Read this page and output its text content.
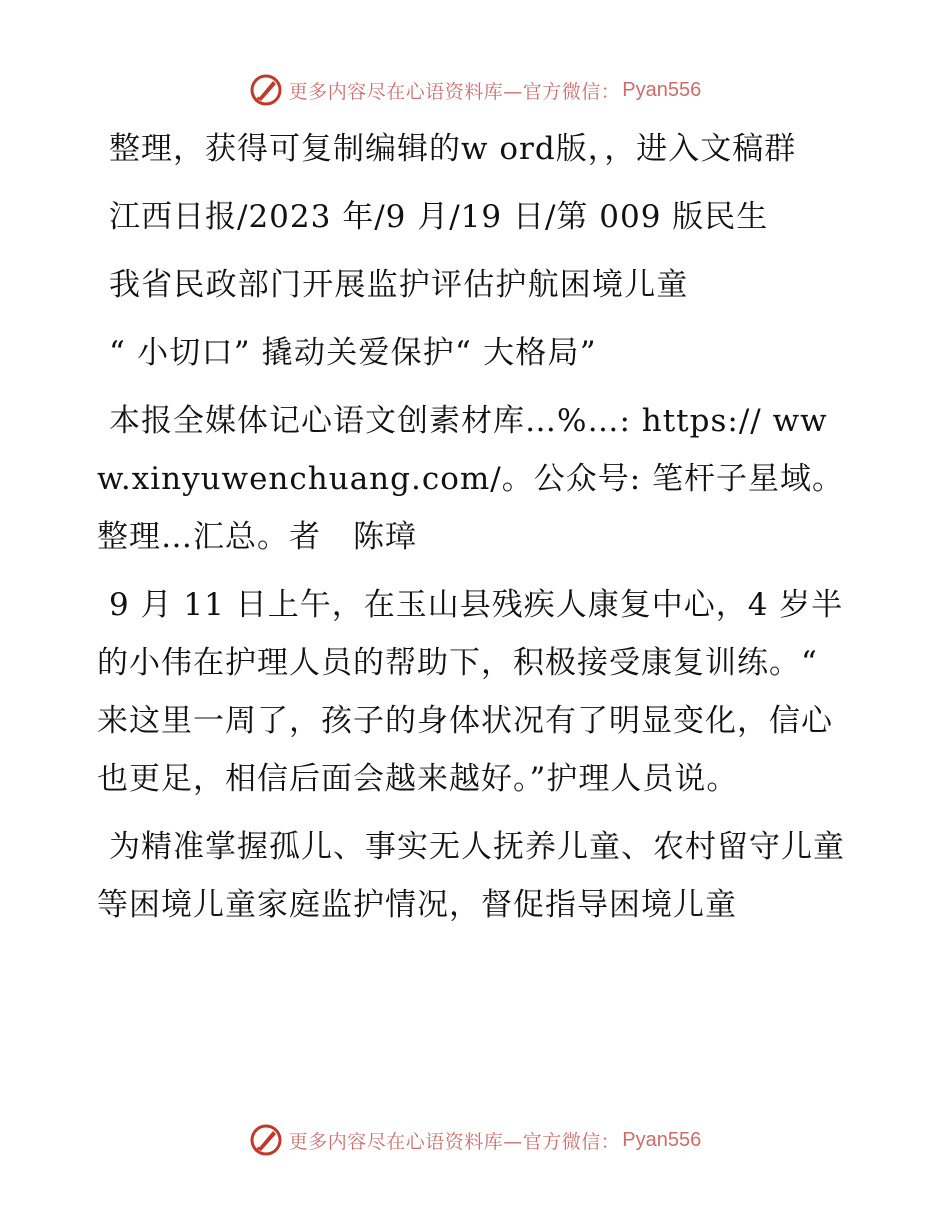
更多内容尽在心语资料库—官方微信： Pyan556

整理，获得可复制编辑的w ord版，，进入文稿群

江西日报/2023 年/9 月/19 日/第 009 版民生

我省民政部门开展监护评估护航困境儿童

“ 小切口” 撬动关爱保护“ 大格局”

本报全媒体记心语文创素材库…%…: https:// www.xinyuwenchuang.com/。公众号: 笔杆子星域。整理…汇总。者　陈璋

9 月 11 日上午，在玉山县残疾人康复中心，4 岁半的小伟在护理人员的帮助下，积极接受康复训练。“ 来这里一周了，孩子的身体状况有了明显变化，信心也更足，相信后面会越来越好。”护理人员说。

为精准掌握孤儿、事实无人抚养儿童、农村留守儿童等困境儿童家庭监护情况，督促指导困境儿童

更多内容尽在心语资料库—官方微信： Pyan556
